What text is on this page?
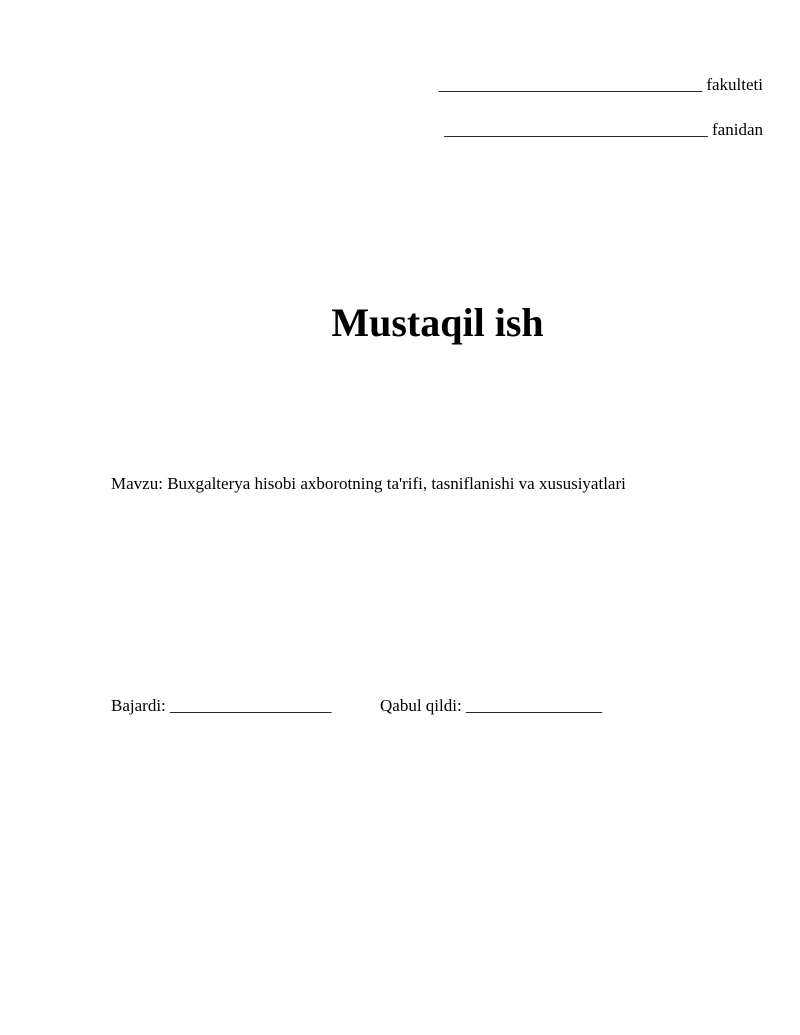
_______________________________ fakulteti
_______________________________ fanidan
Mustaqil ish
Mavzu: Buxgalterya hisobi axborotning ta'rifi, tasniflanishi va xususiyatlari
Bajardi: ___________________	Qabul qildi: ________________
